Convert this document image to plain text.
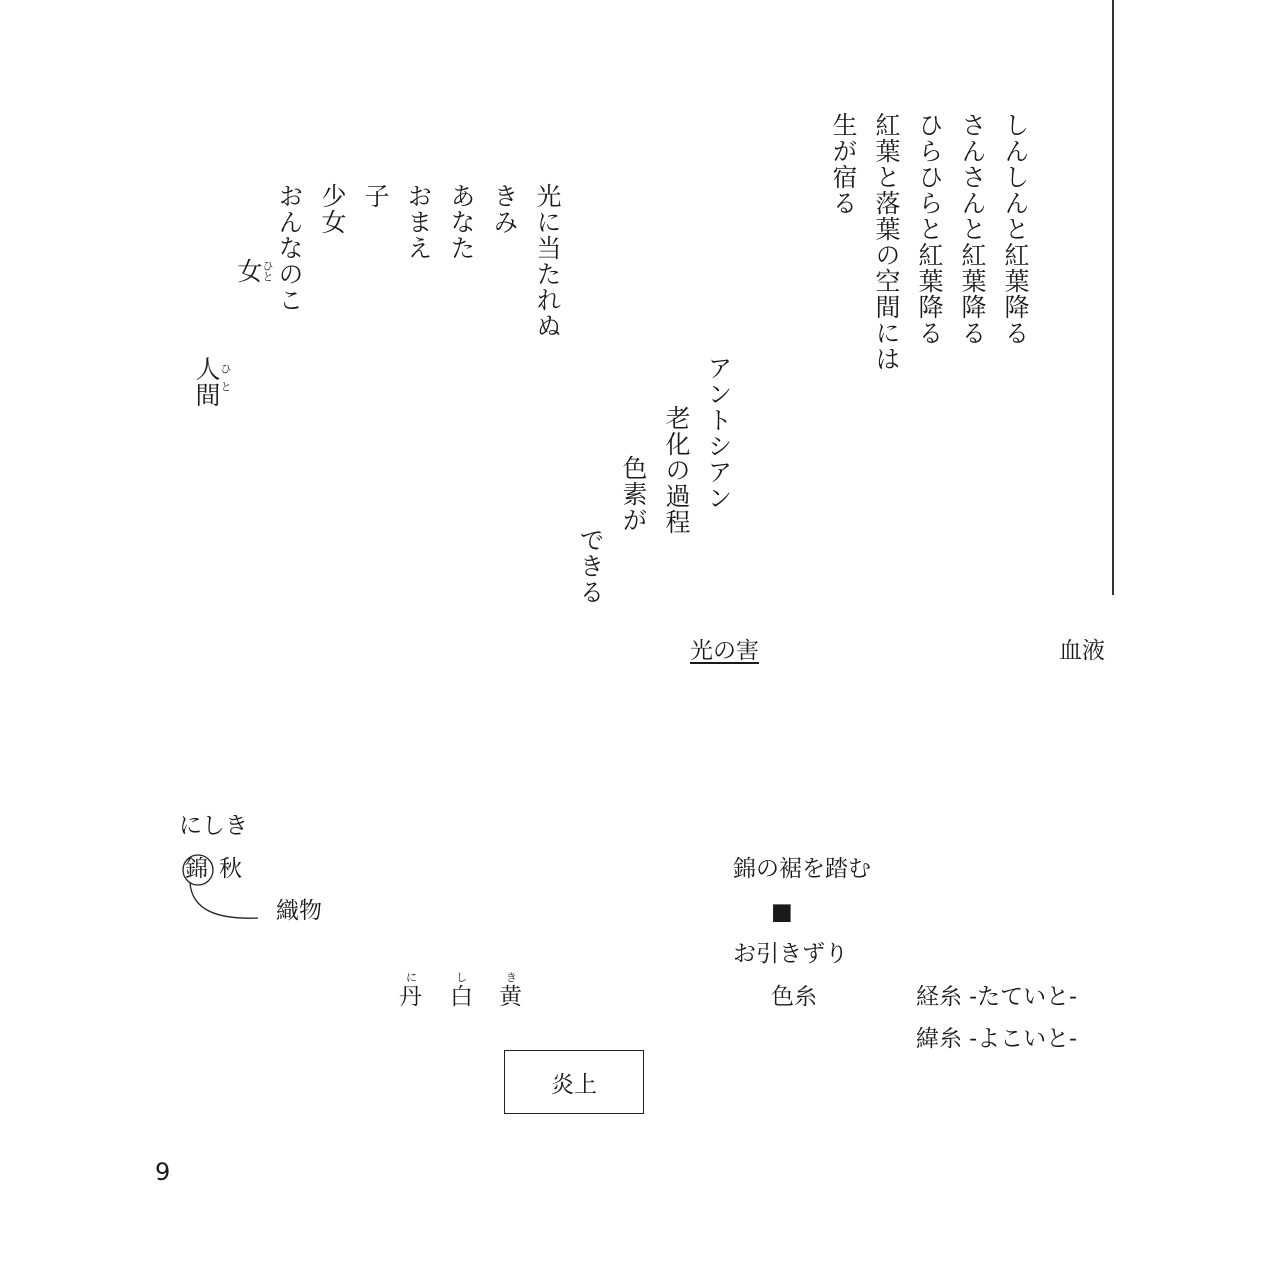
しんしんと紅葉降る
さんさんと紅葉降る
ひらひらと紅葉降る
紅葉と落葉の空間には
生が宿る
光に当たれぬ
きみ
あなた
おまえ
子
少女
おんなのこ
女
ひと
人間
ひと	アントシアン
老化の過程
色素が
できる
光の害	血液
にしき
錦 秋
織物
に
丹
し
白
き
黄
錦の裾を踏む
■
お引きずり
色糸	経糸 -たていと-
緯糸 -よこいと-
炎上
9
